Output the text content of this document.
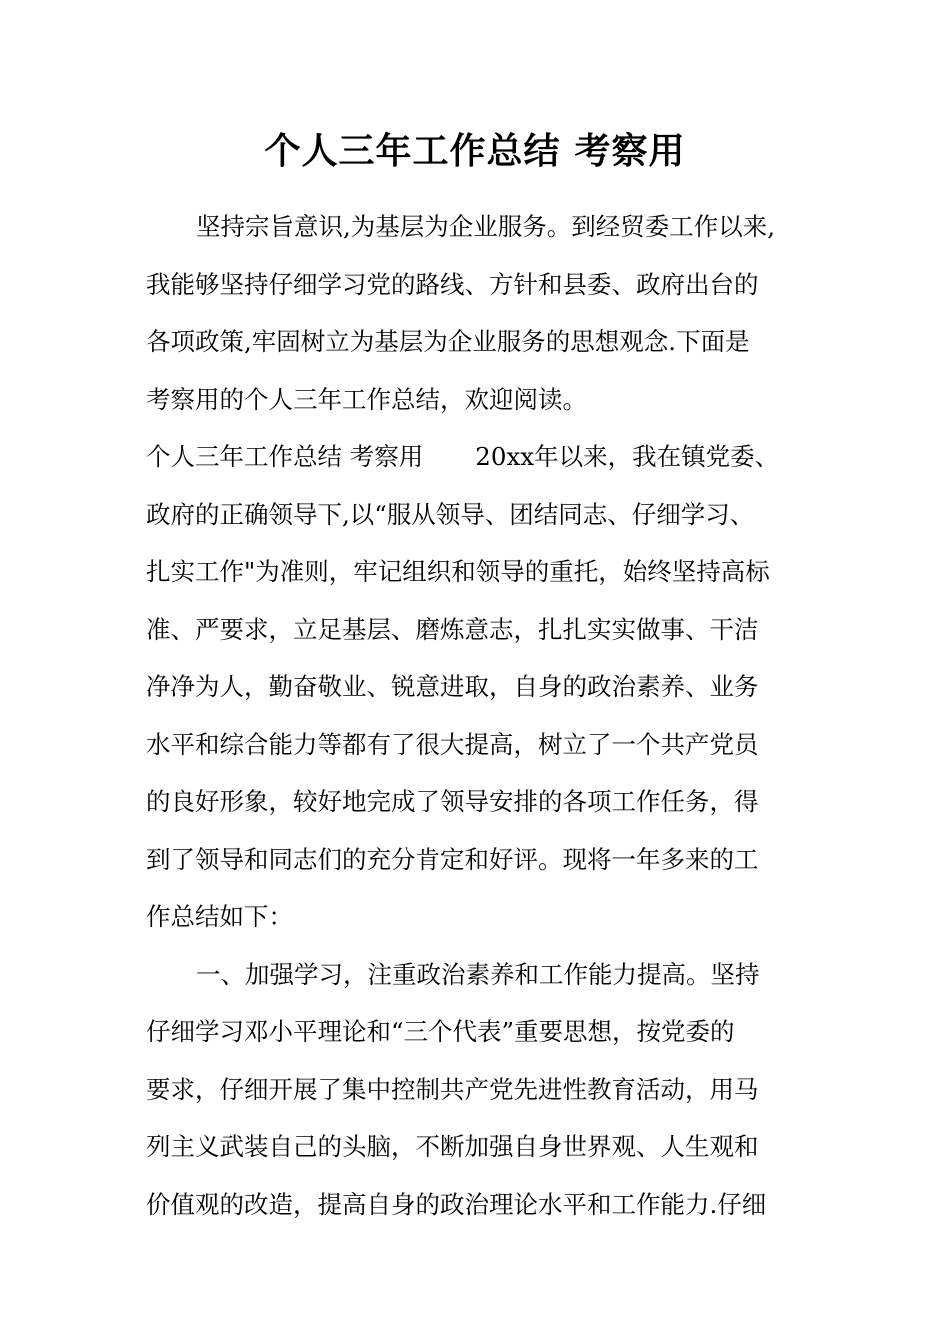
个人三年工作总结 考察用
坚持宗旨意识,为基层为企业服务。到经贸委工作以来,
我能够坚持仔细学习党的路线、方针和县委、政府出台的
各项政策,牢固树立为基层为企业服务的思想观念.下面是
考察用的个人三年工作总结，欢迎阅读。
个人三年工作总结 考察用 20xx年以来，我在镇党委、
政府的正确领导下,以“服从领导、团结同志、仔细学习、
扎实工作"为准则，牢记组织和领导的重托，始终坚持高标
准、严要求，立足基层、磨炼意志，扎扎实实做事、干洁
净净为人，勤奋敬业、锐意进取，自身的政治素养、业务
水平和综合能力等都有了很大提高，树立了一个共产党员
的良好形象，较好地完成了领导安排的各项工作任务，得
到了领导和同志们的充分肯定和好评。现将一年多来的工
作总结如下：
一、加强学习，注重政治素养和工作能力提高。坚持
仔细学习邓小平理论和“三个代表”重要思想，按党委的
要求，仔细开展了集中控制共产党先进性教育活动，用马
列主义武装自己的头脑，不断加强自身世界观、人生观和
价值观的改造，提高自身的政治理论水平和工作能力.仔细
